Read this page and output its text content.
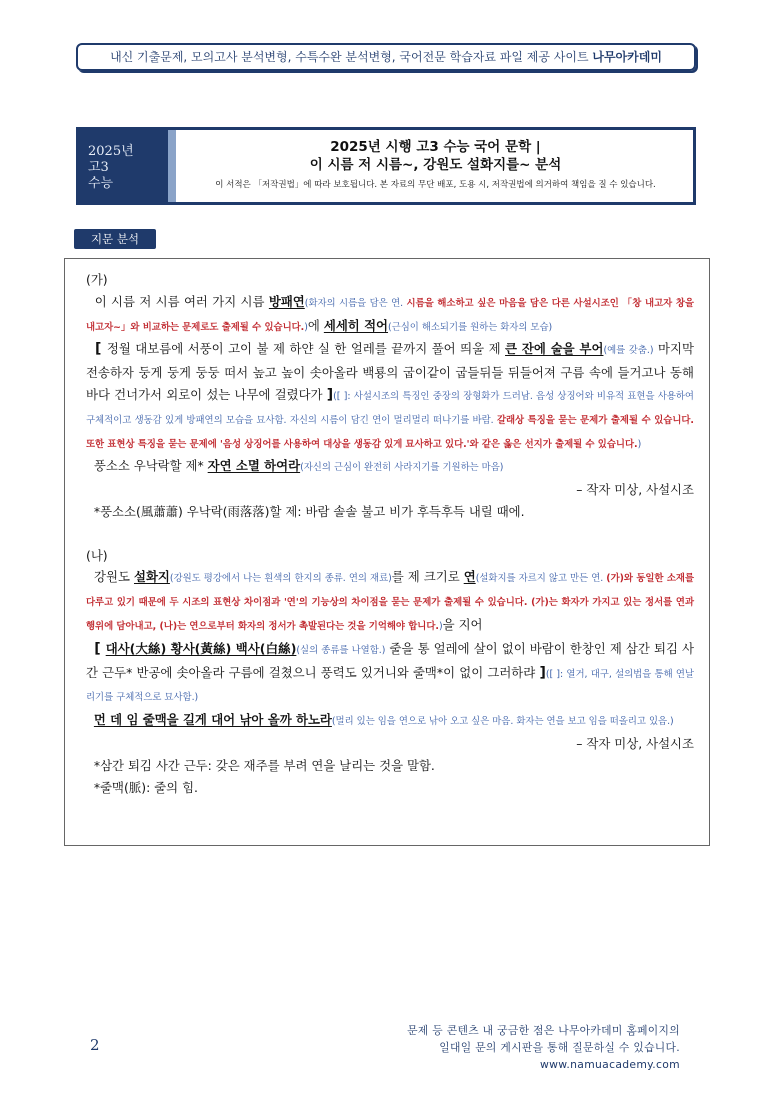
내신 기출문제, 모의고사 분석변형, 수특수완 분석변형, 국어전문 학습자료 파일 제공 사이트 나무아카데미
2025년
고3
수능
2025년 시행 고3 수능 국어 문학 |
이 시름 저 시름~, 강원도 설화지를~ 분석
이 서적은 「저작권법」에 따라 보호됩니다. 본 자료의 무단 배포, 도용 시, 저작권법에 의거하여 책임을 질 수 있습니다.
지문 분석
(가)
이 시름 저 시름 여러 가지 시름 방패연(화자의 시름을 담은 연. 시름을 해소하고 싶은 마음을 담은 다른 사설시조인 「창 내고자 창을 내고자~」와 비교하는 문제로도 출제될 수 있습니다.)에 세세히 적어(근심이 해소되기를 원하는 화자의 모습)
[ 정월 대보름에 서풍이 고이 불 제 하얀 실 한 얼레를 끝까지 풀어 띄울 제 큰 잔에 술을 부어(예를 갖춤.) 마지막 전송하자 둥게 둥게 둥둥 떠서 높고 높이 솟아올라 백룡의 굽이같이 굽들뒤들 뒤들어져 구름 속에 들거고나 동해 바다 건너가서 외로이 섰는 나무에 걸렸다가 ]([ ]: 사설시조의 특징인 중장의 장형화가 드러남. 음성 상징어와 비유적 표현을 사용하여 구체적이고 생동감 있게 방패연의 모습을 묘사함. 자신의 시름이 담긴 연이 멀리멀리 떠나기를 바람. 갈래상 특징을 묻는 문제가 출제될 수 있습니다. 또한 표현상 특징을 묻는 문제에 '음성 상징어를 사용하여 대상을 생동감 있게 묘사하고 있다.'와 같은 옳은 선지가 출제될 수 있습니다.)
풍소소 우낙락할 제* 자연 소멸 하여라(자신의 근심이 완전히 사라지기를 기원하는 마음)
– 작자 미상, 사설시조
*풍소소(風蕭蕭) 우낙락(雨落落)할 제: 바람 솔솔 불고 비가 후득후득 내릴 때에.
(나)
강원도 설화지(강원도 평강에서 나는 흰색의 한지의 종류. 연의 재료)를 제 크기로 연(설화지를 자르지 않고 만든 연. (가)와 동일한 소재를 다루고 있기 때문에 두 시조의 표현상 차이점과 '연'의 기능상의 차이점을 묻는 문제가 출제될 수 있습니다. (가)는 화자가 가지고 있는 정서를 연과 행위에 담아내고, (나)는 연으로부터 화자의 정서가 촉발된다는 것을 기억해야 합니다.)을 지어
[ 대사(大絲) 황사(黃絲) 백사(白絲)(실의 종류를 나열함.) 줄을 통 얼레에 살이 없이 바람이 한창인 제 삼간 퇴김 사간 근두* 반공에 솟아올라 구름에 걸쳤으니 풍력도 있거니와 줄맥*이 없이 그러하랴 ]([ ]: 열거, 대구, 설의법을 통해 연날리기를 구체적으로 묘사함.)
먼 데 임 줄맥을 길게 대어 낚아 올까 하노라(멀리 있는 임을 연으로 낚아 오고 싶은 마음. 화자는 연을 보고 임을 떠올리고 있음.)
– 작자 미상, 사설시조
*삼간 퇴김 사간 근두: 갖은 재주를 부려 연을 날리는 것을 말함.
*줄맥(脈): 줄의 힘.
2
문제 등 콘텐츠 내 궁금한 점은 나무아카데미 홈페이지의
일대일 문의 게시판을 통해 질문하실 수 있습니다.
www.namuacademy.com
